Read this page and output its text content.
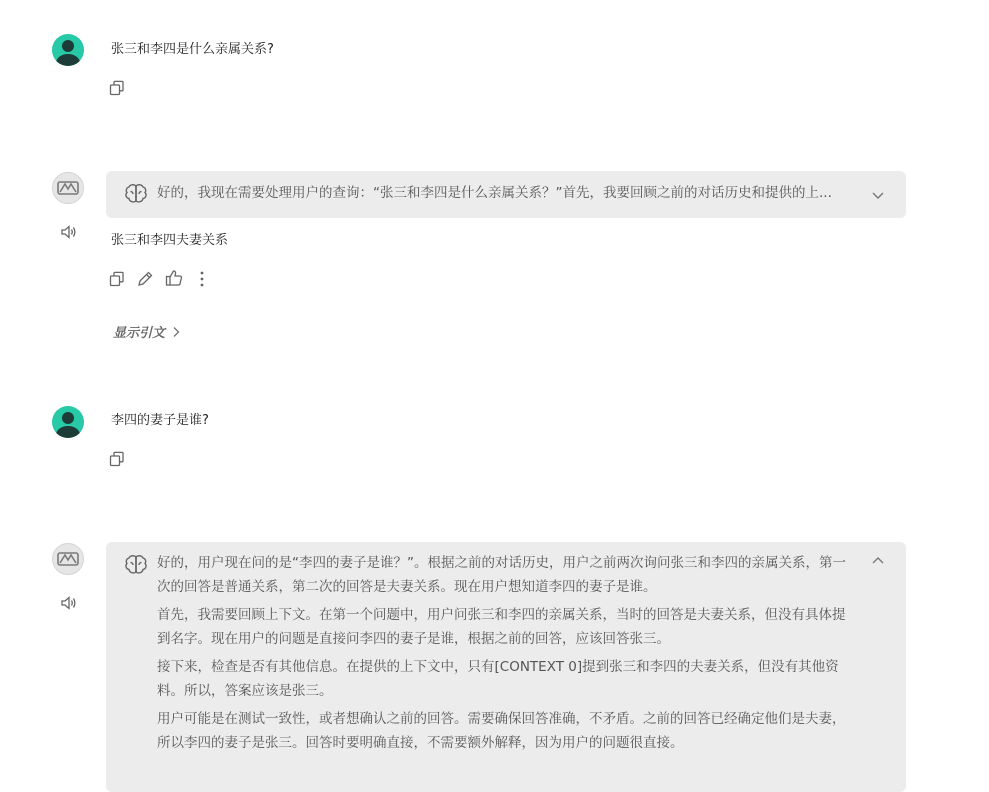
张三和李四是什么亲属关系?
好的，我现在需要处理用户的查询：“张三和李四是什么亲属关系？”首先，我要回顾之前的对话历史和提供的上...
张三和李四夫妻关系
显示引文
李四的妻子是谁?

好的，用户现在问的是“李四的妻子是谁？”。根据之前的对话历史，用户之前两次询问张三和李四的亲属关系，第一次的回答是普通关系，第二次的回答是夫妻关系。现在用户想知道李四的妻子是谁。

首先，我需要回顾上下文。在第一个问题中，用户问张三和李四的亲属关系，当时的回答是夫妻关系，但没有具体提到名字。现在用户的问题是直接问李四的妻子是谁，根据之前的回答，应该回答张三。

接下来，检查是否有其他信息。在提供的上下文中，只有[CONTEXT 0]提到张三和李四的夫妻关系，但没有其他资料。所以，答案应该是张三。

用户可能是在测试一致性，或者想确认之前的回答。需要确保回答准确，不矛盾。之前的回答已经确定他们是夫妻，所以李四的妻子是张三。回答时要明确直接，不需要额外解释，因为用户的问题很直接。
